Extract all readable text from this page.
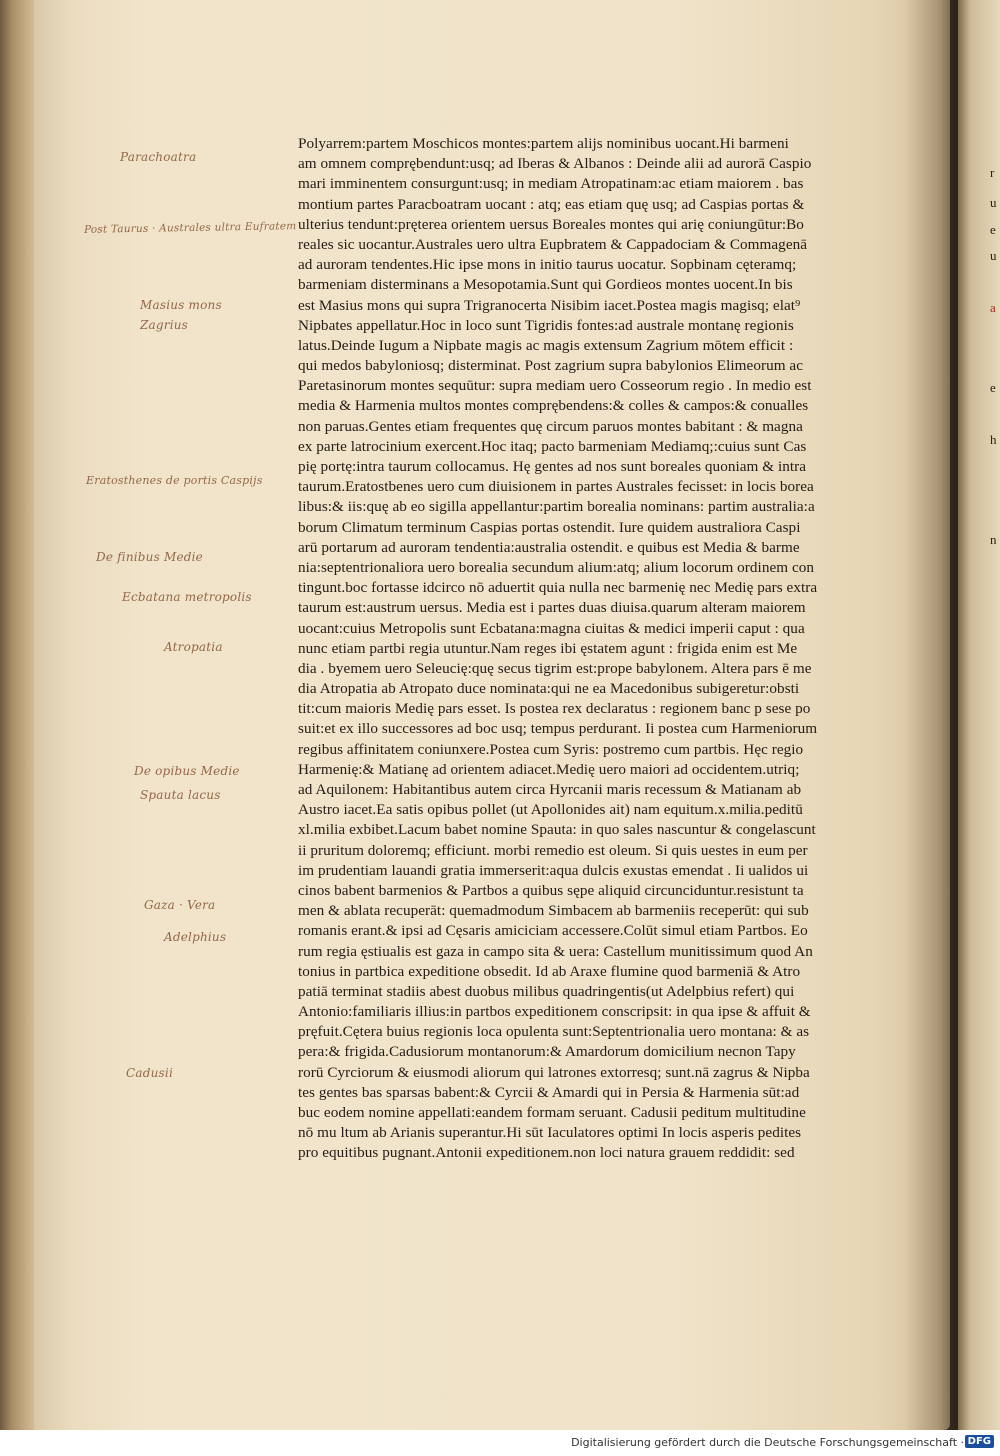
r
u
e
u
a
e
h
n
Parachoatra
Post Taurus · Australes ultra Eufratem
Masius mons
Zagrius
Eratosthenes de portis Caspijs
De finibus Medie
Ecbatana metropolis
Atropatia
De opibus Medie
Spauta lacus
Gaza · Vera
Adelphius
Cadusii
Polyarrem:partem Moschicos montes:partem alijs nominibus uocant.Hi barmeni
am omnem comprębendunt:usq; ad Iberas & Albanos : Deinde alii ad aurorā Caspio
mari imminentem consurgunt:usq; in mediam Atropatinam:ac etiam maiorem . bas
montium partes Paracboatram uocant : atq; eas etiam quę usq; ad Caspias portas &
ulterius tendunt:pręterea orientem uersus Boreales montes qui arię coniungūtur:Bo
reales sic uocantur.Australes uero ultra Eupbratem & Cappadociam & Commagenā
ad auroram tendentes.Hic ipse mons in initio taurus uocatur. Sopbinam cęteramq;
barmeniam disterminans a Mesopotamia.Sunt qui Gordieos montes uocent.In bis
est Masius mons qui supra Trigranocerta Nisibim iacet.Postea magis magisq; elat⁹
Nipbates appellatur.Hoc in loco sunt Tigridis fontes:ad australe montanę regionis
latus.Deinde Iugum a Nipbate magis ac magis extensum Zagrium mōtem efficit :
qui medos babyloniosq; disterminat. Post zagrium supra babylonios Elimeorum ac
Paretasinorum montes sequūtur: supra mediam uero Cosseorum regio . In medio est
media & Harmenia multos montes comprębendens:& colles & campos:& conualles
non paruas.Gentes etiam frequentes quę circum paruos montes babitant : & magna
ex parte latrocinium exercent.Hoc itaq; pacto barmeniam Mediamq;:cuius sunt Cas
pię portę:intra taurum collocamus. Hę gentes ad nos sunt boreales quoniam & intra
taurum.Eratostbenes uero cum diuisionem in partes Australes fecisset: in locis borea
libus:& iis:quę ab eo sigilla appellantur:partim borealia nominans: partim australia:a
borum Climatum terminum Caspias portas ostendit. Iure quidem australiora Caspi
arū portarum ad auroram tendentia:australia ostendit. e quibus est Media & barme
nia:septentrionaliora uero borealia secundum alium:atq; alium locorum ordinem con
tingunt.boc fortasse idcirco nō aduertit quia nulla nec barmenię nec Medię pars extra
taurum est:austrum uersus. Media est i partes duas diuisa.quarum alteram maiorem
uocant:cuius Metropolis sunt Ecbatana:magna ciuitas & medici imperii caput : qua
nunc etiam partbi regia utuntur.Nam reges ibi ęstatem agunt : frigida enim est Me
dia . byemem uero Seleucię:quę secus tigrim est:prope babylonem. Altera pars ē me
dia Atropatia ab Atropato duce nominata:qui ne ea Macedonibus subigeretur:obsti
tit:cum maioris Medię pars esset. Is postea rex declaratus : regionem banc p sese po
suit:et ex illo successores ad boc usq; tempus perdurant. Ii postea cum Harmeniorum
regibus affinitatem coniunxere.Postea cum Syris: postremo cum partbis. Hęc regio
Harmenię:& Matianę ad orientem adiacet.Medię uero maiori ad occidentem.utriq;
ad Aquilonem: Habitantibus autem circa Hyrcanii maris recessum & Matianam ab
Austro iacet.Ea satis opibus pollet (ut Apollonides ait) nam equitum.x.milia.peditū
xl.milia exbibet.Lacum babet nomine Spauta: in quo sales nascuntur & congelascunt
ii pruritum doloremq; efficiunt. morbi remedio est oleum. Si quis uestes in eum per
im prudentiam lauandi gratia immerserit:aqua dulcis exustas emendat . Ii ualidos ui
cinos babent barmenios & Partbos a quibus sępe aliquid circunciduntur.resistunt ta
men & ablata recuperāt: quemadmodum Simbacem ab barmeniis receperūt: qui sub
romanis erant.& ipsi ad Cęsaris amiciciam accessere.Colūt simul etiam Partbos. Eo
rum regia ęstiualis est gaza in campo sita & uera: Castellum munitissimum quod An
tonius in partbica expeditione obsedit. Id ab Araxe flumine quod barmeniā & Atro
patiā terminat stadiis abest duobus milibus quadringentis(ut Adelpbius refert) qui
Antonio:familiaris illius:in partbos expeditionem conscripsit: in qua ipse & affuit &
pręfuit.Cętera buius regionis loca opulenta sunt:Septentrionalia uero montana: & as
pera:& frigida.Cadusiorum montanorum:& Amardorum domicilium necnon Tapy
rorū Cyrciorum & eiusmodi aliorum qui latrones extorresq; sunt.nā zagrus & Nipba
tes gentes bas sparsas babent:& Cyrcii & Amardi qui in Persia & Harmenia sūt:ad
buc eodem nomine appellati:eandem formam seruant. Cadusii peditum multitudine
nō mu ltum ab Arianis superantur.Hi sūt Iaculatores optimi In locis asperis pedites
pro equitibus pugnant.Antonii expeditionem.non loci natura grauem reddidit: sed
Digitalisierung gefördert durch die Deutsche Forschungsgemeinschaft · DFG
